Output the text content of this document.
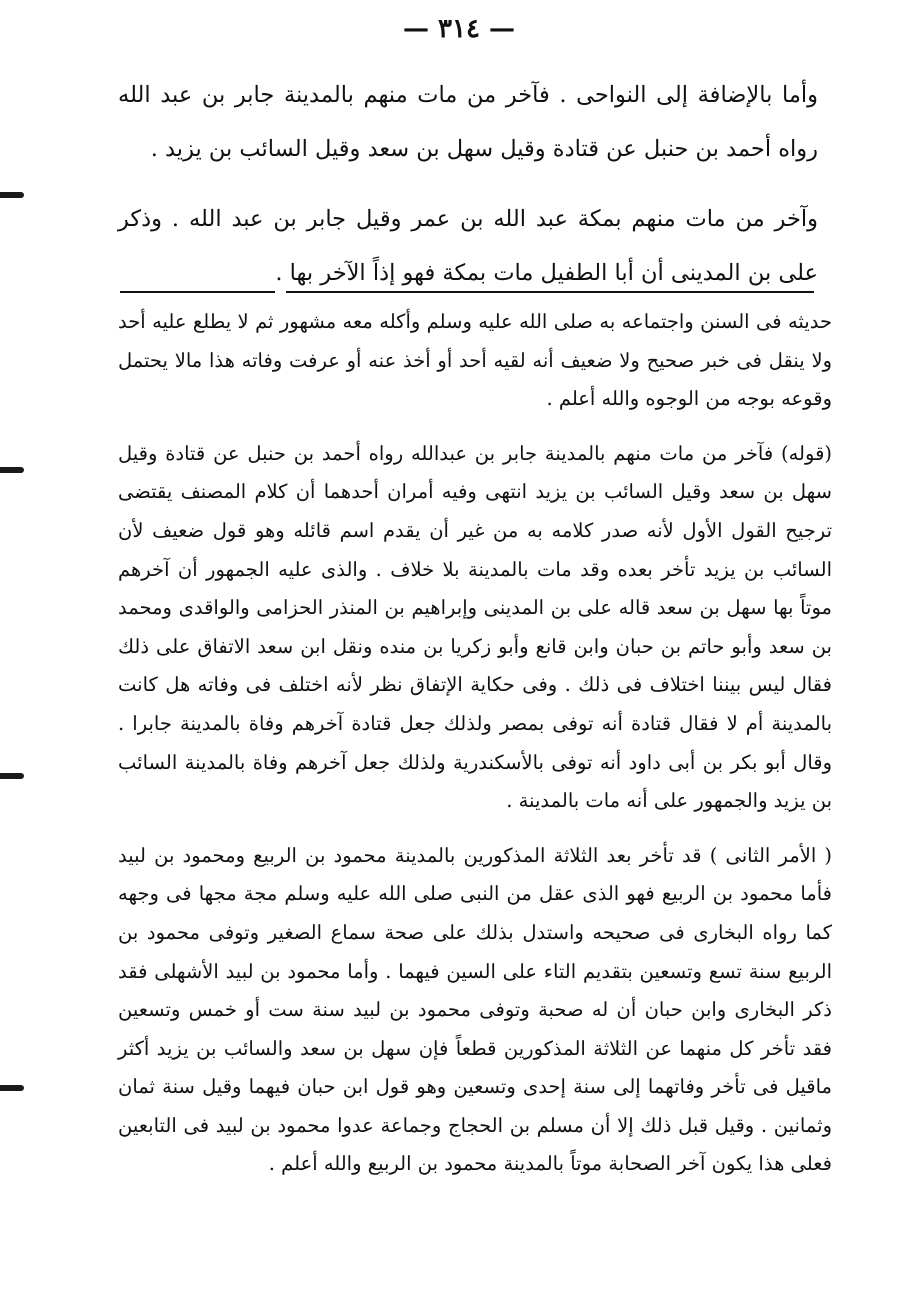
— ٣١٤ —

وأما بالإضافة إلى النواحى . فآخر من مات منهم بالمدينة جابر بن عبد الله رواه أحمد بن حنبل عن قتادة وقيل سهل بن سعد وقيل السائب بن يزيد .

وآخر من مات منهم بمكة عبد الله بن عمر وقيل جابر بن عبد الله . وذكر على بن المدينى أن أبا الطفيل مات بمكة فهو إذاً الآخر بها .

حديثه فى السنن واجتماعه به صلى الله عليه وسلم وأكله معه مشهور ثم لا يطلع عليه أحد ولا ينقل فى خبر صحيح ولا ضعيف أنه لقيه أحد أو أخذ عنه أو عرفت وفاته هذا مالا يحتمل وقوعه بوجه من الوجوه والله أعلم .

(قوله) فآخر من مات منهم بالمدينة جابر بن عبدالله رواه أحمد بن حنبل عن قتادة وقيل سهل بن سعد وقيل السائب بن يزيد انتهى وفيه أمران أحدهما أن كلام المصنف يقتضى ترجيح القول الأول لأنه صدر كلامه به من غير أن يقدم اسم قائله وهو قول ضعيف لأن السائب بن يزيد تأخر بعده وقد مات بالمدينة بلا خلاف . والذى عليه الجمهور أن آخرهم موتاً بها سهل بن سعد قاله على بن المدينى وإبراهيم بن المنذر الحزامى والواقدى ومحمد بن سعد وأبو حاتم بن حبان وابن قانع وأبو زكريا بن منده ونقل ابن سعد الاتفاق على ذلك فقال ليس بيننا اختلاف فى ذلك . وفى حكاية الإتفاق نظر لأنه اختلف فى وفاته هل كانت بالمدينة أم لا فقال قتادة أنه توفى بمصر ولذلك جعل قتادة آخرهم وفاة بالمدينة جابرا . وقال أبو بكر بن أبى داود أنه توفى بالأسكندرية ولذلك جعل آخرهم وفاة بالمدينة السائب بن يزيد والجمهور على أنه مات بالمدينة .

( الأمر الثانى ) قد تأخر بعد الثلاثة المذكورين بالمدينة محمود بن الربيع ومحمود بن لبيد فأما محمود بن الربيع فهو الذى عقل من النبى صلى الله عليه وسلم مجة مجها فى وجهه كما رواه البخارى فى صحيحه واستدل بذلك على صحة سماع الصغير وتوفى محمود بن الربيع سنة تسع وتسعين بتقديم التاء على السين فيهما . وأما محمود بن لبيد الأشهلى فقد ذكر البخارى وابن حبان أن له صحبة وتوفى محمود بن لبيد سنة ست أو خمس وتسعين فقد تأخر كل منهما عن الثلاثة المذكورين قطعاً فإن سهل بن سعد والسائب بن يزيد أكثر ماقيل فى تأخر وفاتهما إلى سنة إحدى وتسعين وهو قول ابن حبان فيهما وقيل سنة ثمان وثمانين . وقيل قبل ذلك إلا أن مسلم بن الحجاج وجماعة عدوا محمود بن لبيد فى التابعين فعلى هذا يكون آخر الصحابة موتاً بالمدينة محمود بن الربيع والله أعلم .
